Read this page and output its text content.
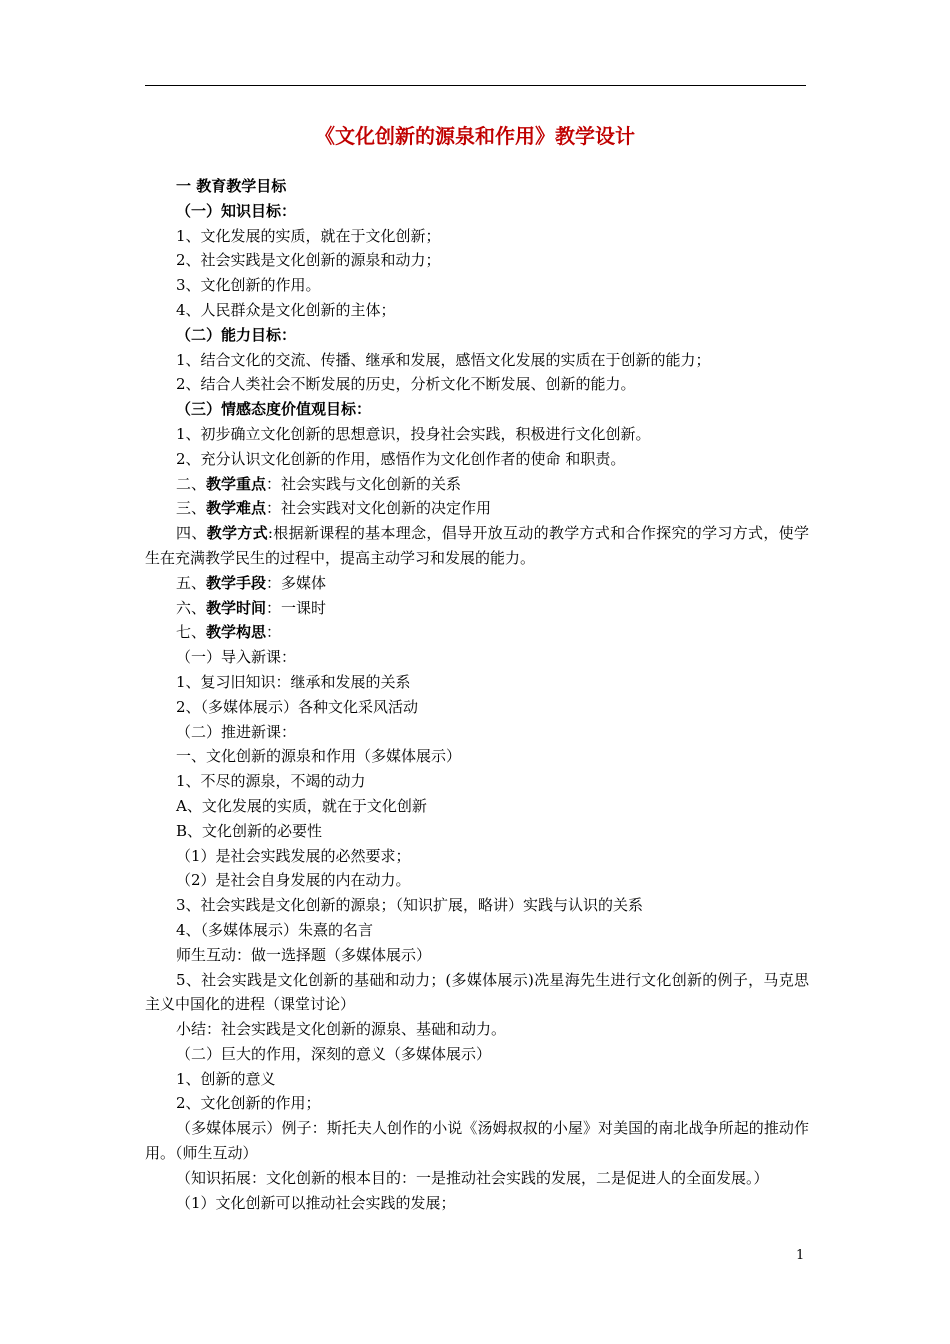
《文化创新的源泉和作用》教学设计
一 教育教学目标
（一）知识目标：
1、文化发展的实质，就在于文化创新；
2、社会实践是文化创新的源泉和动力；
3、文化创新的作用。
4、人民群众是文化创新的主体；
（二）能力目标：
1、结合文化的交流、传播、继承和发展，感悟文化发展的实质在于创新的能力；
2、结合人类社会不断发展的历史，分析文化不断发展、创新的能力。
（三）情感态度价值观目标：
1、初步确立文化创新的思想意识，投身社会实践，积极进行文化创新。
2、充分认识文化创新的作用，感悟作为文化创作者的使命 和职责。
二、教学重点：社会实践与文化创新的关系
三、教学难点：社会实践对文化创新的决定作用
四、教学方式:根据新课程的基本理念，倡导开放互动的教学方式和合作探究的学习方式，使学生在充满教学民生的过程中，提高主动学习和发展的能力。
五、教学手段：多媒体
六、教学时间：一课时
七、教学构思：
（一）导入新课：
1、复习旧知识：继承和发展的关系
2、（多媒体展示）各种文化采风活动
（二）推进新课：
一、文化创新的源泉和作用（多媒体展示）
1、不尽的源泉，不竭的动力
A、文化发展的实质，就在于文化创新
B、文化创新的必要性
（1）是社会实践发展的必然要求；
（2）是社会自身发展的内在动力。
3、社会实践是文化创新的源泉；（知识扩展，略讲）实践与认识的关系
4、（多媒体展示）朱熹的名言
师生互动：做一选择题（多媒体展示）
5、社会实践是文化创新的基础和动力；(多媒体展示)冼星海先生进行文化创新的例子，马克思主义中国化的进程（课堂讨论）
小结：社会实践是文化创新的源泉、基础和动力。
（二）巨大的作用，深刻的意义（多媒体展示）
1、创新的意义
2、文化创新的作用；
（多媒体展示）例子：斯托夫人创作的小说《汤姆叔叔的小屋》对美国的南北战争所起的推动作用。（师生互动）
（知识拓展：文化创新的根本目的：一是推动社会实践的发展，二是促进人的全面发展。）
（1）文化创新可以推动社会实践的发展；
1
